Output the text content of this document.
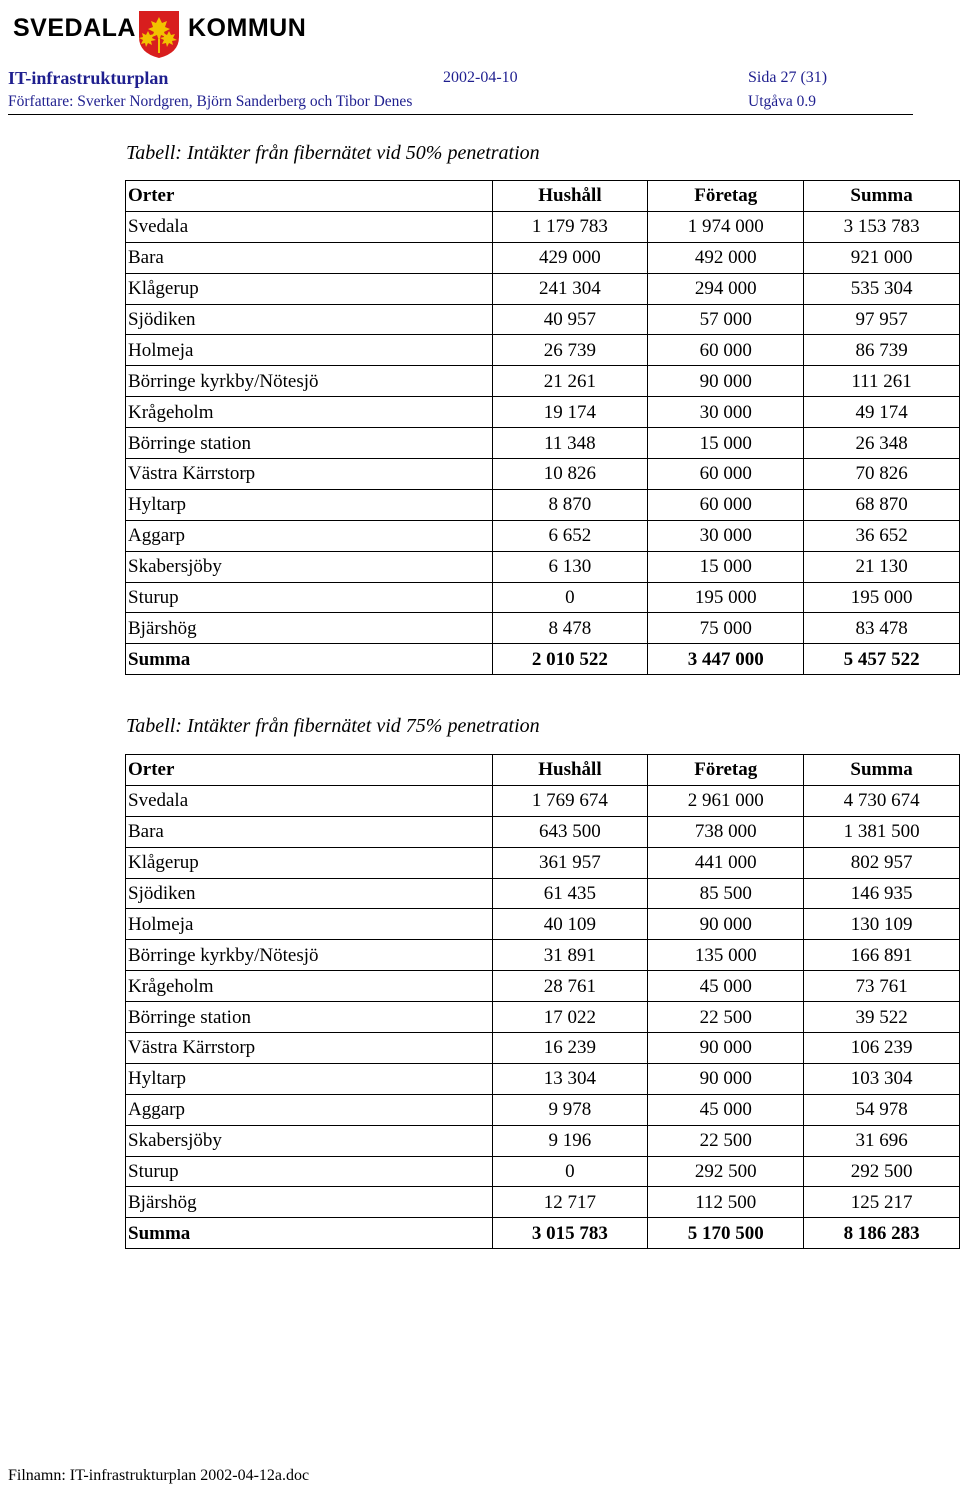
SVEDALA KOMMUN
IT-infrastrukturplan	2002-04-10	Sida 27 (31)
Författare: Sverker Nordgren, Björn Sanderberg och Tibor Denes	Utgåva 0.9
Tabell: Intäkter från fibernätet vid 50% penetration
Orter	Hushåll	Företag	Summa
Svedala	1 179 783	1 974 000	3 153 783
Bara	429 000	492 000	921 000
Klågerup	241 304	294 000	535 304
Sjödiken	40 957	57 000	97 957
Holmeja	26 739	60 000	86 739
Börringe kyrkby/Nötesjö	21 261	90 000	111 261
Krågeholm	19 174	30 000	49 174
Börringe station	11 348	15 000	26 348
Västra Kärrstorp	10 826	60 000	70 826
Hyltarp	8 870	60 000	68 870
Aggarp	6 652	30 000	36 652
Skabersjöby	6 130	15 000	21 130
Sturup	0	195 000	195 000
Bjärshög	8 478	75 000	83 478
Summa	2 010 522	3 447 000	5 457 522
Tabell: Intäkter från fibernätet vid 75% penetration
Orter	Hushåll	Företag	Summa
Svedala	1 769 674	2 961 000	4 730 674
Bara	643 500	738 000	1 381 500
Klågerup	361 957	441 000	802 957
Sjödiken	61 435	85 500	146 935
Holmeja	40 109	90 000	130 109
Börringe kyrkby/Nötesjö	31 891	135 000	166 891
Krågeholm	28 761	45 000	73 761
Börringe station	17 022	22 500	39 522
Västra Kärrstorp	16 239	90 000	106 239
Hyltarp	13 304	90 000	103 304
Aggarp	9 978	45 000	54 978
Skabersjöby	9 196	22 500	31 696
Sturup	0	292 500	292 500
Bjärshög	12 717	112 500	125 217
Summa	3 015 783	5 170 500	8 186 283
Filnamn: IT-infrastrukturplan 2002-04-12a.doc
